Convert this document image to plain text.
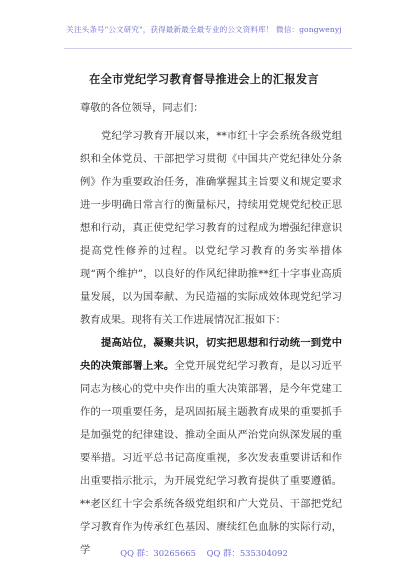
关注头条号"公文研究"，获得最新最全最专业的公文资料库！ 微信：gongwenyj
在全市党纪学习教育督导推进会上的汇报发言

尊敬的各位领导，同志们：

党纪学习教育开展以来，**市红十字会系统各级党组织和全体党员、干部把学习贯彻《中国共产党纪律处分条例》作为重要政治任务，准确掌握其主旨要义和规定要求进一步明确日常言行的衡量标尺，持续用党规党纪校正思想和行动，真正使党纪学习教育的过程成为增强纪律意识提高党性修养的过程。以党纪学习教育的务实举措体现“两个维护”，以良好的作风纪律助推**红十字事业高质量发展，以为国奉献、为民造福的实际成效体现党纪学习教育成果。现将有关工作进展情况汇报如下：

提高站位，凝聚共识，切实把思想和行动统一到党中央的决策部署上来。全党开展党纪学习教育，是以习近平同志为核心的党中央作出的重大决策部署，是今年党建工作的一项重要任务，是巩固拓展主题教育成果的重要抓手是加强党的纪律建设、推动全面从严治党向纵深发展的重要举措。习近平总书记高度重视，多次发表重要讲话和作出重要指示批示，为开展党纪学习教育提供了重要遵循。**老区红十字会系统各级党组织和广大党员、干部把党纪学习教育作为传承红色基因、赓续红色血脉的实际行动，学	QQ 群：30265665 QQ 群：535304092
